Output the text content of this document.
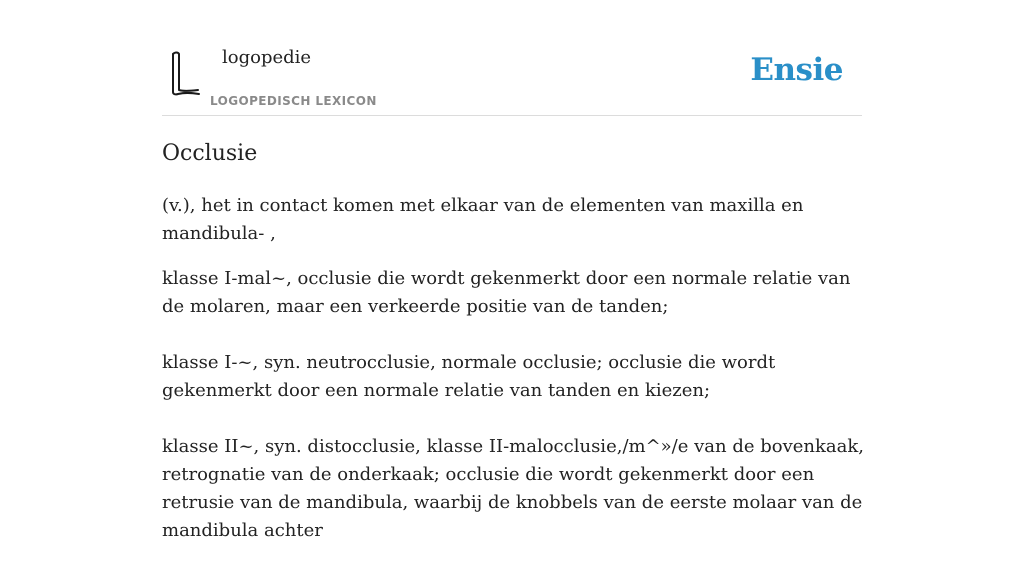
logopedie
LOGOPEDISCH LEXICON
Ensie
Occlusie

(v.), het in contact komen met elkaar van de elementen van maxilla en mandibula- ,

klasse I-mal~, occlusie die wordt gekenmerkt door een normale relatie van de molaren, maar een verkeerde positie van de tanden;

klasse I-~, syn. neutrocclusie, normale occlusie; occlusie die wordt gekenmerkt door een normale relatie van tanden en kiezen;

klasse II~, syn. distocclusie, klasse II-malocclusie,/m^»/e van de bovenkaak, retrognatie van de onderkaak; occlusie die wordt gekenmerkt door een retrusie van de mandibula, waarbij de knobbels van de eerste molaar van de mandibula achter
